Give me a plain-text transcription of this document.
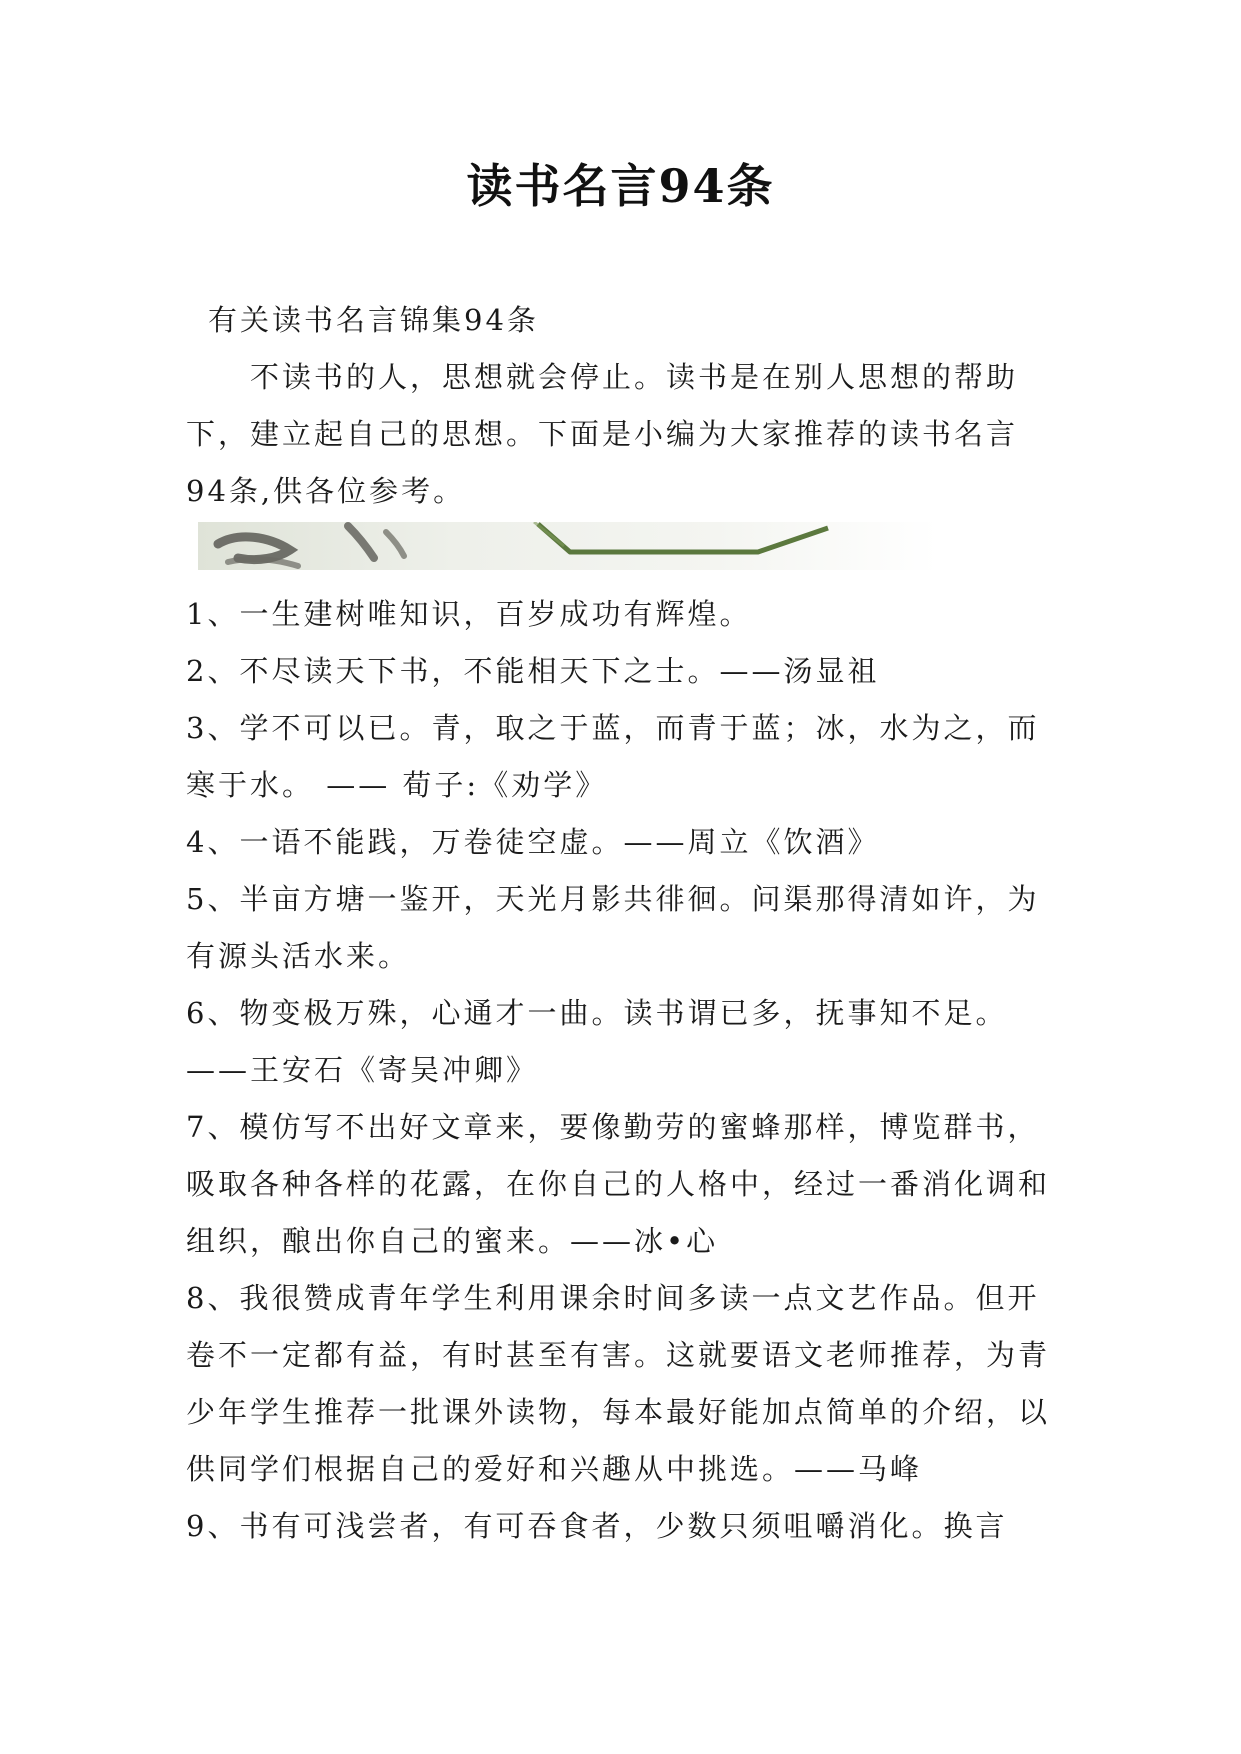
读书名言94条

有关读书名言锦集94条

不读书的人，思想就会停止。读书是在别人思想的帮助下，建立起自己的思想。下面是小编为大家推荐的读书名言94条,供各位参考。

1、一生建树唯知识，百岁成功有辉煌。

2、不尽读天下书，不能相天下之士。——汤显祖

3、学不可以已。青，取之于蓝，而青于蓝；冰，水为之，而寒于水。 —— 荀子:《劝学》

4、一语不能践，万卷徒空虚。——周立《饮酒》

5、半亩方塘一鉴开，天光月影共徘徊。问渠那得清如许，为有源头活水来。

6、物变极万殊，心通才一曲。读书谓已多，抚事知不足。——王安石《寄吴冲卿》

7、模仿写不出好文章来，要像勤劳的蜜蜂那样，博览群书，吸取各种各样的花露，在你自己的人格中，经过一番消化调和组织，酿出你自己的蜜来。——冰•心

8、我很赞成青年学生利用课余时间多读一点文艺作品。但开卷不一定都有益，有时甚至有害。这就要语文老师推荐，为青少年学生推荐一批课外读物，每本最好能加点简单的介绍，以供同学们根据自己的爱好和兴趣从中挑选。——马峰

9、书有可浅尝者，有可吞食者，少数只须咀嚼消化。换言
